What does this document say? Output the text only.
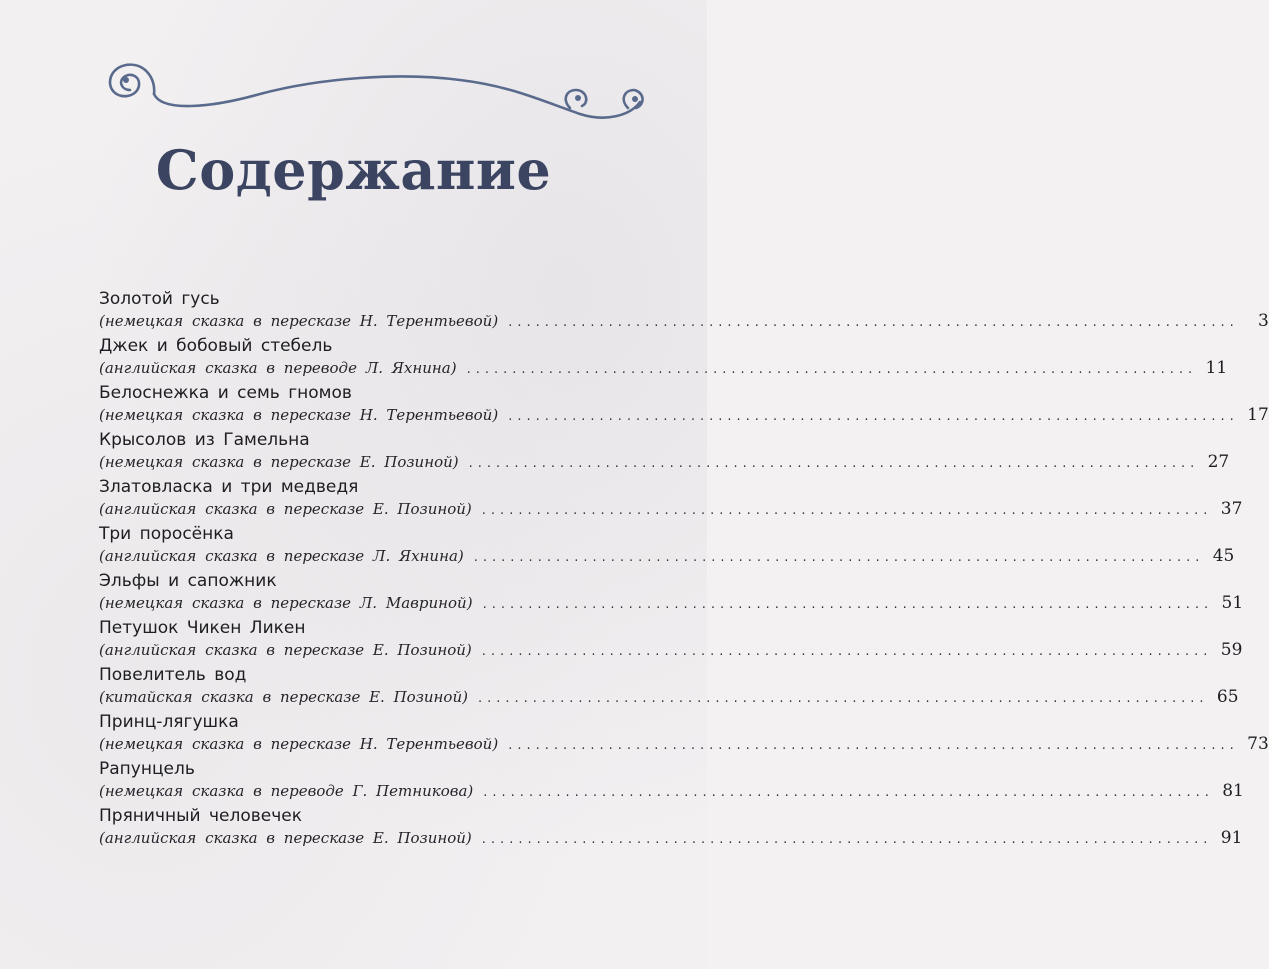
Содержание
Золотой гусь
(немецкая сказка в пересказе Н. Терентьевой) ................................................................................	3
Джек и бобовый стебель
(английская сказка в переводе Л. Яхнина) ................................................................................ 11
Белоснежка и семь гномов
(немецкая сказка в пересказе Н. Терентьевой) ................................................................................ 17
Крысолов из Гамельна
(немецкая сказка в пересказе Е. Позиной) ................................................................................ 27
Златовласка и три медведя
(английская сказка в пересказе Е. Позиной) ................................................................................ 37
Три поросёнка
(английская сказка в пересказе Л. Яхнина) ................................................................................ 45
Эльфы и сапожник
(немецкая сказка в пересказе Л. Мавриной) ................................................................................ 51
Петушок Чикен Ликен
(английская сказка в пересказе Е. Позиной) ................................................................................ 59
Повелитель вод
(китайская сказка в пересказе Е. Позиной) ................................................................................ 65
Принц-лягушка
(немецкая сказка в пересказе Н. Терентьевой) ................................................................................ 73
Рапунцель
(немецкая сказка в переводе Г. Петникова) ................................................................................ 81
Пряничный человечек
(английская сказка в пересказе Е. Позиной) ................................................................................ 91
